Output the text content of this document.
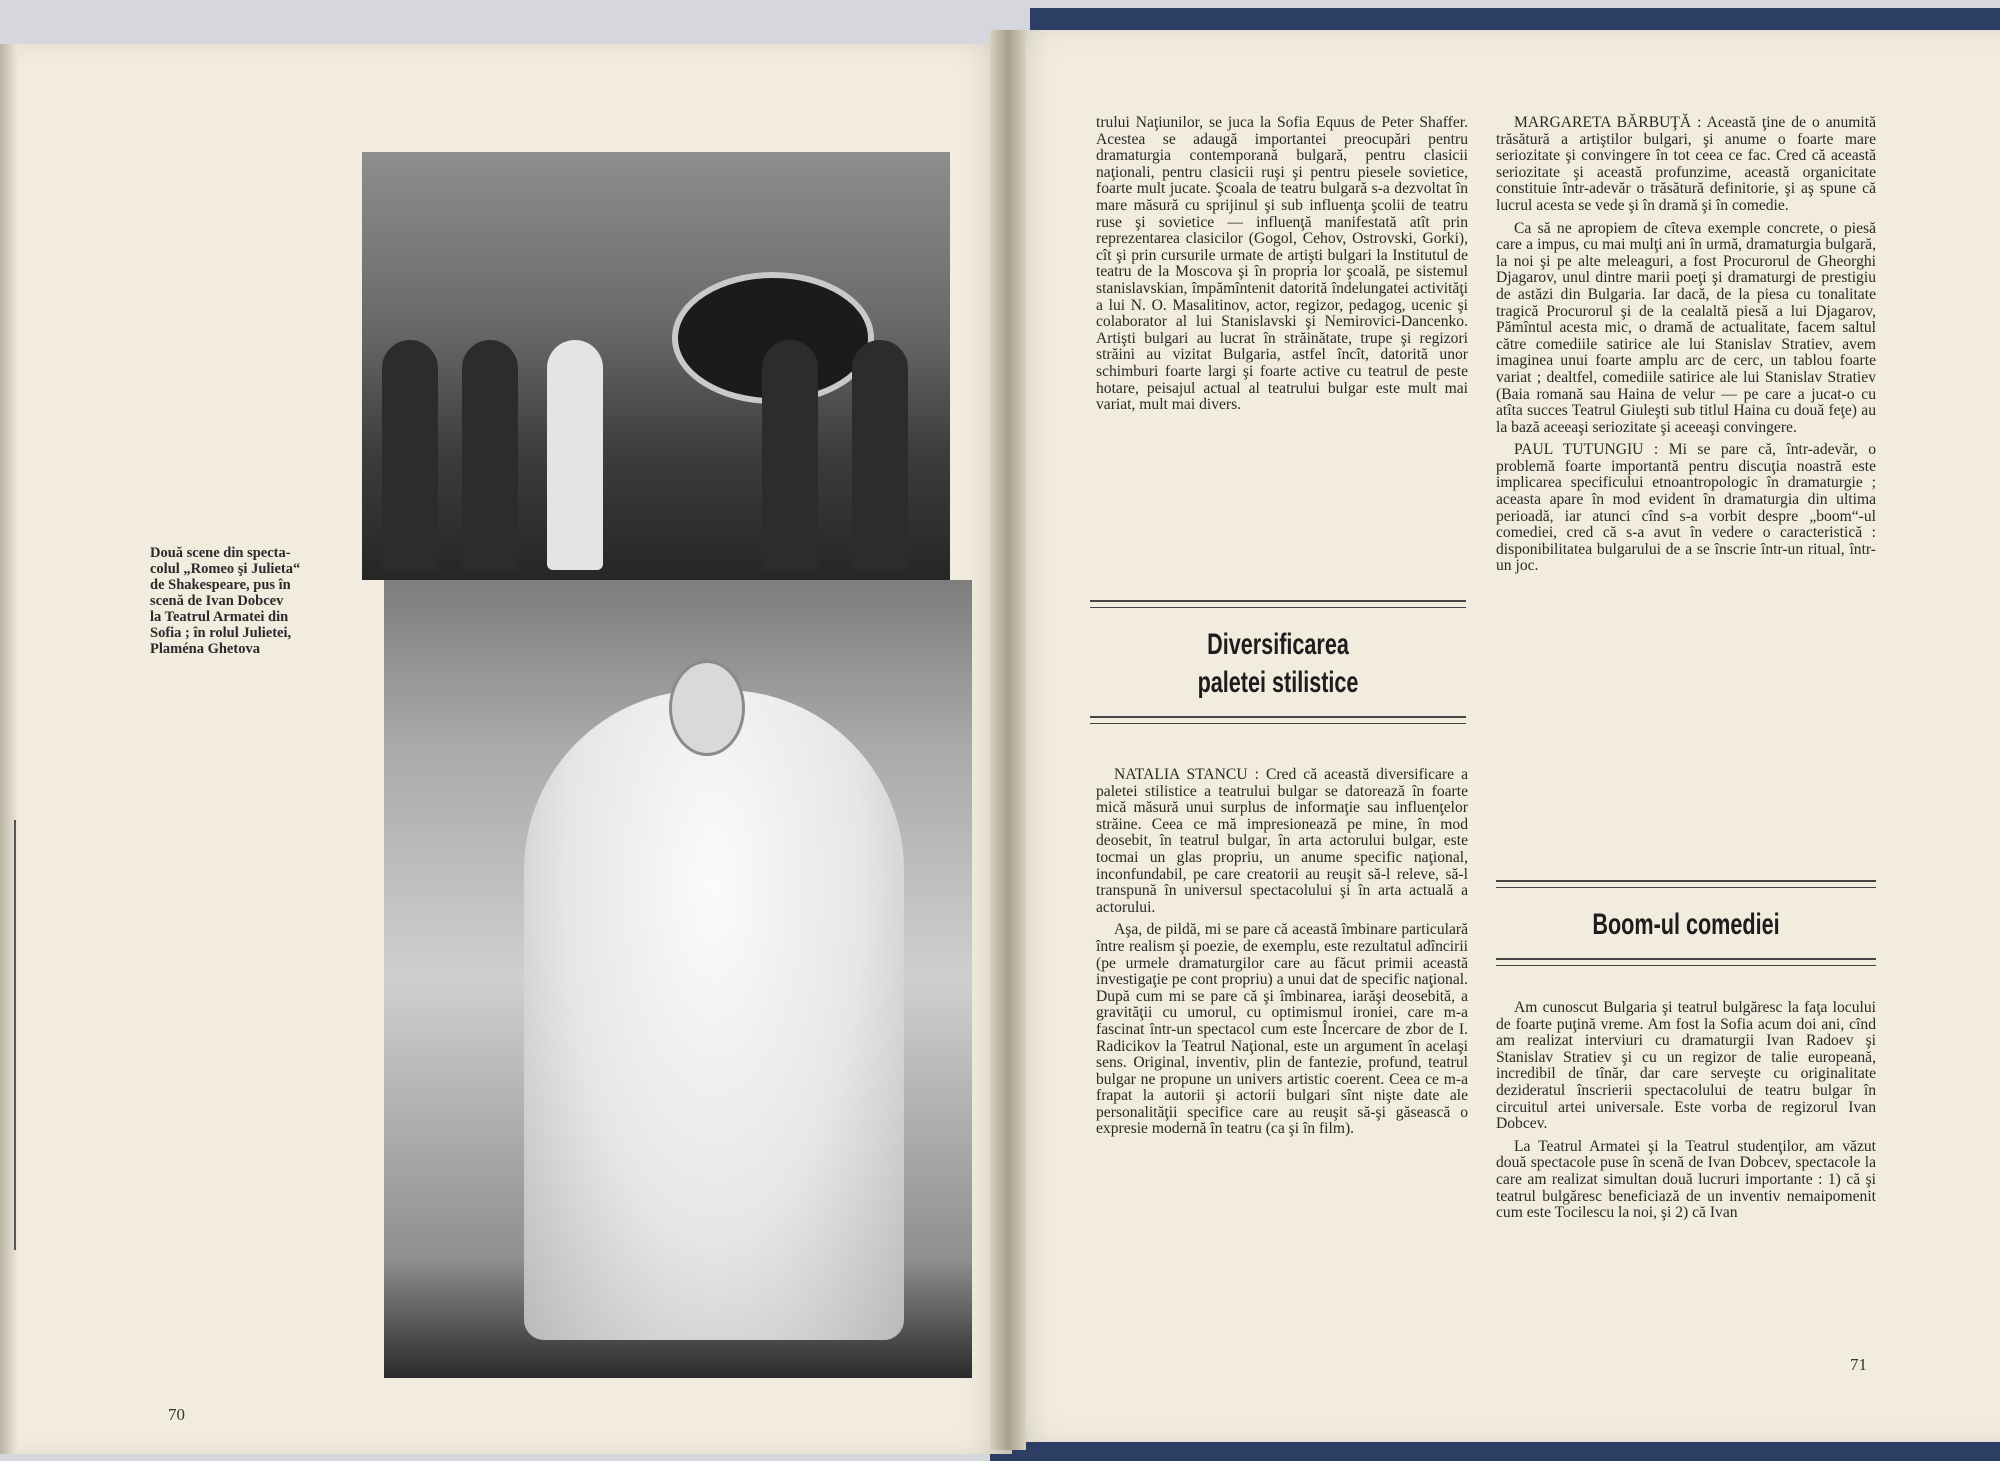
Două scene din specta-
colul „Romeo şi Julieta“
de Shakespeare, pus în
scenă de Ivan Dobcev
la Teatrul Armatei din
Sofia ; în rolul Julietei,
Plaména Ghetova
70

trului Naţiunilor, se juca la Sofia Equus de Peter Shaffer. Acestea se adaugă importantei preocupări pentru dramaturgia contemporană bulgară, pentru clasicii naţionali, pentru clasicii ruşi şi pentru piesele sovietice, foarte mult jucate. Şcoala de teatru bulgară s-a dezvoltat în mare măsură cu sprijinul şi sub influenţa şcolii de teatru ruse şi sovietice — influenţă manifestată atît prin reprezentarea clasicilor (Gogol, Cehov, Ostrovski, Gorki), cît şi prin cursurile urmate de artişti bulgari la Institutul de teatru de la Moscova şi în propria lor şcoală, pe sistemul stanislavskian, împămîntenit datorită îndelungatei activităţi a lui N. O. Masalitinov, actor, regizor, pedagog, ucenic şi colaborator al lui Stanislavski şi Nemirovici-Dancenko. Artişti bulgari au lucrat în străinătate, trupe şi regizori străini au vizitat Bulgaria, astfel încît, datorită unor schimburi foarte largi şi foarte active cu teatrul de peste hotare, peisajul actual al teatrului bulgar este mult mai variat, mult mai divers.

Diversificarea
paletei stilistice

NATALIA STANCU : Cred că această diversificare a paletei stilistice a teatrului bulgar se datorează în foarte mică măsură unui surplus de informaţie sau influenţelor străine. Ceea ce mă impresionează pe mine, în mod deosebit, în teatrul bulgar, în arta actorului bulgar, este tocmai un glas propriu, un anume specific naţional, inconfundabil, pe care creatorii au reuşit să-l releve, să-l transpună în universul spectacolului şi în arta actuală a actorului.

Aşa, de pildă, mi se pare că această îmbinare particulară între realism şi poezie, de exemplu, este rezultatul adîncirii (pe urmele dramaturgilor care au făcut primii această investigaţie pe cont propriu) a unui dat de specific naţional. După cum mi se pare că şi îmbinarea, iarăşi deosebită, a gravităţii cu umorul, cu optimismul ironiei, care m-a fascinat într-un spectacol cum este Încercare de zbor de I. Radicikov la Teatrul Naţional, este un argument în acelaşi sens. Original, inventiv, plin de fantezie, profund, teatrul bulgar ne propune un univers artistic coerent. Ceea ce m-a frapat la autorii şi actorii bulgari sînt nişte date ale personalităţii specifice care au reuşit să-şi găsească o expresie modernă în teatru (ca şi în film).

MARGARETA BĂRBUŢĂ : Această ţine de o anumită trăsătură a artiştilor bulgari, şi anume o foarte mare seriozitate şi convingere în tot ceea ce fac. Cred că această seriozitate şi această profunzime, această organicitate constituie într-adevăr o trăsătură definitorie, şi aş spune că lucrul acesta se vede şi în dramă şi în comedie.

Ca să ne apropiem de cîteva exemple concrete, o piesă care a impus, cu mai mulţi ani în urmă, dramaturgia bulgară, la noi şi pe alte meleaguri, a fost Procurorul de Gheorghi Djagarov, unul dintre marii poeţi şi dramaturgi de prestigiu de astăzi din Bulgaria. Iar dacă, de la piesa cu tonalitate tragică Procurorul şi de la cealaltă piesă a lui Djagarov, Pămîntul acesta mic, o dramă de actualitate, facem saltul către comediile satirice ale lui Stanislav Stratiev, avem imaginea unui foarte amplu arc de cerc, un tablou foarte variat ; dealtfel, comediile satirice ale lui Stanislav Stratiev (Baia romană sau Haina de velur — pe care a jucat-o cu atîta succes Teatrul Giuleşti sub titlul Haina cu două feţe) au la bază aceeaşi seriozitate şi aceeaşi convingere.

PAUL TUTUNGIU : Mi se pare că, într-adevăr, o problemă foarte importantă pentru discuţia noastră este implicarea specificului etnoantropologic în dramaturgie ; aceasta apare în mod evident în dramaturgia din ultima perioadă, iar atunci cînd s-a vorbit despre „boom“-ul comediei, cred că s-a avut în vedere o caracteristică : disponibilitatea bulgarului de a se înscrie într-un ritual, într-un joc.

Boom-ul comediei

Am cunoscut Bulgaria şi teatrul bulgăresc la faţa locului de foarte puţină vreme. Am fost la Sofia acum doi ani, cînd am realizat interviuri cu dramaturgii Ivan Radoev şi Stanislav Stratiev şi cu un regizor de talie europeană, incredibil de tînăr, dar care serveşte cu originalitate dezideratul înscrierii spectacolului de teatru bulgar în circuitul artei universale. Este vorba de regizorul Ivan Dobcev.

La Teatrul Armatei şi la Teatrul studenţilor, am văzut două spectacole puse în scenă de Ivan Dobcev, spectacole la care am realizat simultan două lucruri importante : 1) că şi teatrul bulgăresc beneficiază de un inventiv nemaipomenit cum este Tocilescu la noi, şi 2) că Ivan

71
